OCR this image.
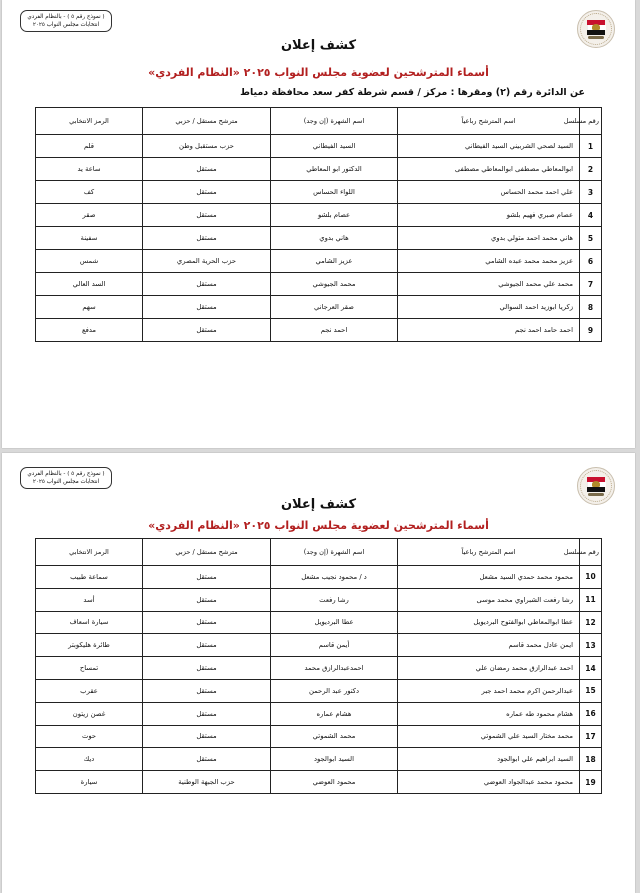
( نموذج رقم ٥ ) - بالنظام الفردي
انتخابات مجلس النواب ٢٠٢٥
كشف إعلان
أسماء المترشحين لعضوية مجلس النواب ٢٠٢٥ «النظام الفردي»
عن الدائرة رقم (٢) ومقرها : مركز / قسم شرطة كفر سعد محافظة دمياط
رقم مسلسل	اسم المترشح رباعياً	اسم الشهرة (إن وجد)	مترشح مستقل / حزبي	الرمز الانتخابي
1	السيد لصحي الشربيني السيد الفيطاني	السيد الفيطاني	حزب مستقبل وطن	قلم
2	ابوالمعاطي مصطفى ابوالمعاطي مصطفى	الدكتور ابو المعاطي	مستقل	ساعة يد
3	علي احمد محمد الحساس	اللواء الحساس	مستقل	كف
4	عصام صبري فهيم بلشو	عصام بلشو	مستقل	صقر
5	هاني محمد احمد متولي بدوي	هاني بدوي	مستقل	سفينة
6	عزيز محمد محمد عبده الشامي	عزيز الشامي	حزب الحرية المصري	شمس
7	محمد علي محمد الجيوشي	محمد الجيوشي	مستقل	السد العالي
8	زكريا ابوزيد احمد السوالي	صقر العرجاني	مستقل	سهم
9	احمد حامد احمد نجم	احمد نجم	مستقل	مدفع
( نموذج رقم ٥ ) - بالنظام الفردي
انتخابات مجلس النواب ٢٠٢٥
كشف إعلان
أسماء المترشحين لعضوية مجلس النواب ٢٠٢٥ «النظام الفردي»
رقم مسلسل	اسم المترشح رباعياً	اسم الشهرة (إن وجد)	مترشح مستقل / حزبي	الرمز الانتخابي
10	محمود محمد حمدي السيد مشعل	د / محمود نجيب مشعل	مستقل	سماعة طبيب
11	رشا رفعت الشبراوي محمد موسى	رشا رفعت	مستقل	أسد
12	عطا ابوالمعاطي ابوالفتوح البرديويل	عطا البرديويل	مستقل	سيارة اسعاف
13	ايمن عادل محمد قاسم	أيمن قاسم	مستقل	طائرة هليكوبتر
14	احمد عبدالرازق محمد رمضان علي	احمدعبدالرازق محمد	مستقل	تمساح
15	عبدالرحمن اكرم محمد احمد جبر	دكتور عبد الرحمن	مستقل	عقرب
16	هشام محمود طه عماره	هشام عماره	مستقل	غصن زيتون
17	محمد مختار السيد علي الشموتي	محمد الشموتي	مستقل	حوت
18	السيد ابراهيم علي ابوالجود	السيد ابوالجود	مستقل	ديك
19	محمود محمد عبدالجواد العوضي	محمود العوضي	حزب الجبهة الوطنية	سيارة
